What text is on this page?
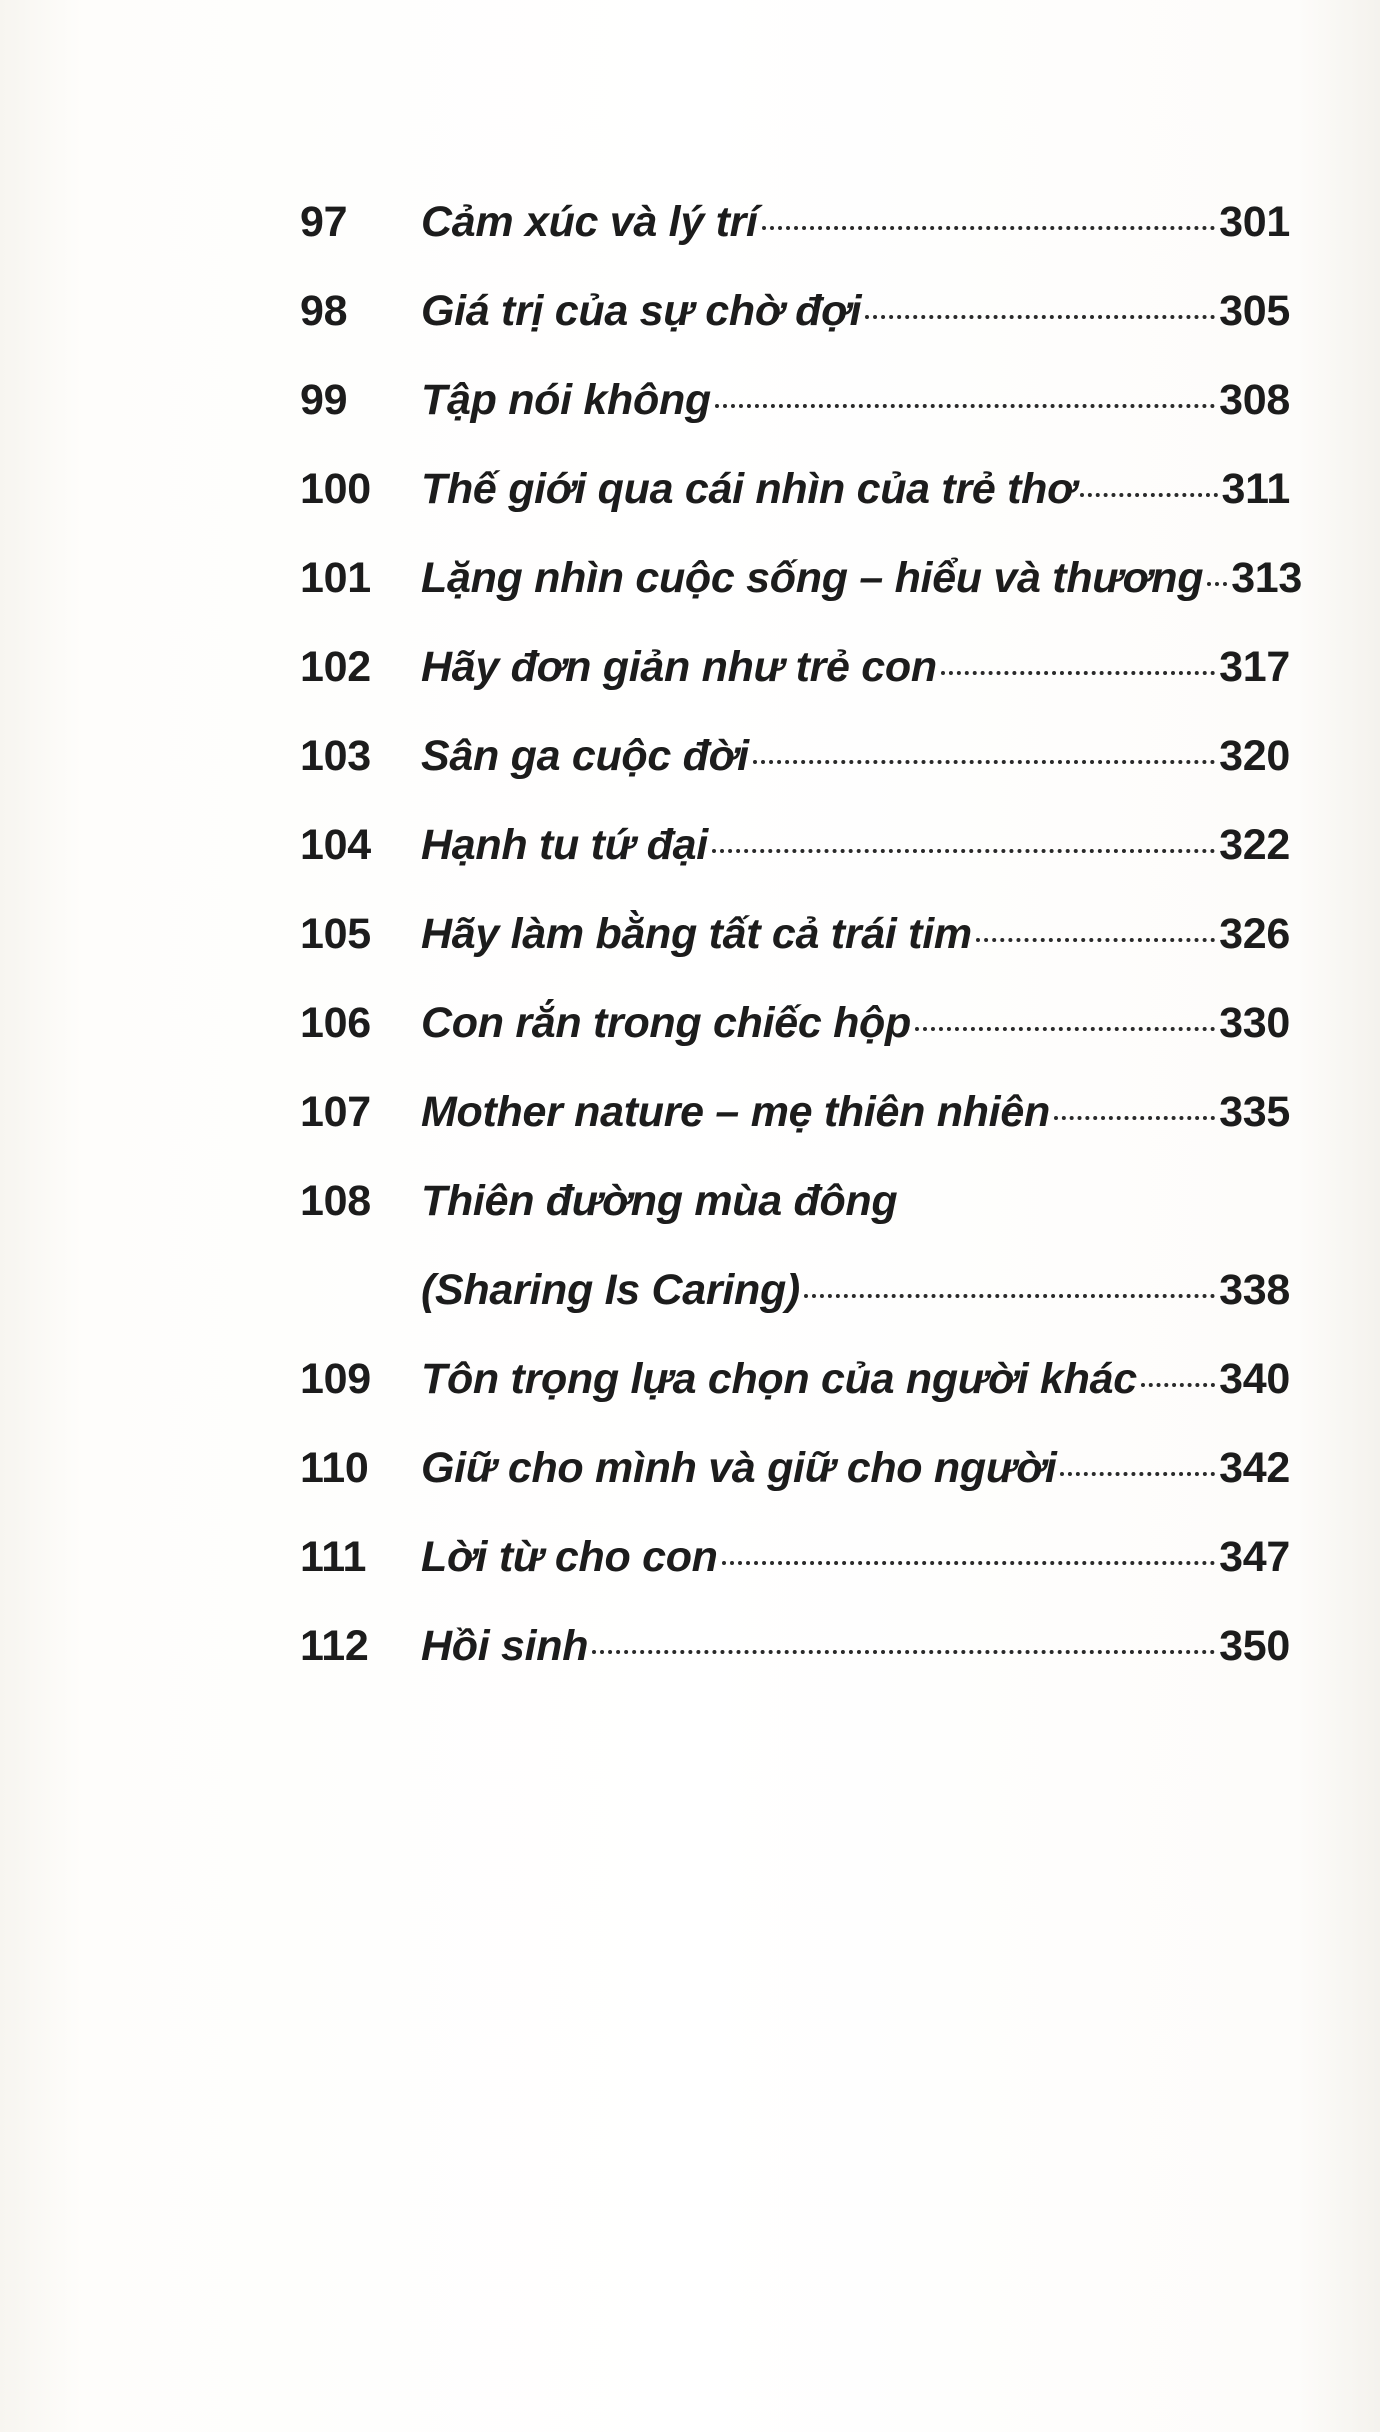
97	Cảm xúc và lý trí	301
98	Giá trị của sự chờ đợi	305
99	Tập nói không	308
100	Thế giới qua cái nhìn của trẻ thơ	311
101	Lặng nhìn cuộc sống – hiểu và thương 313
102	Hãy đơn giản như trẻ con	317
103	Sân ga cuộc đời	320
104	Hạnh tu tứ đại	322
105	Hãy làm bằng tất cả trái tim	326
106	Con rắn trong chiếc hộp	330
107	Mother nature – mẹ thiên nhiên	335
108	Thiên đường mùa đông
(Sharing Is Caring)	338
109	Tôn trọng lựa chọn của người khác 340
110	Giữ cho mình và giữ cho người	342
111	Lời từ cho con	347
112	Hồi sinh	350
